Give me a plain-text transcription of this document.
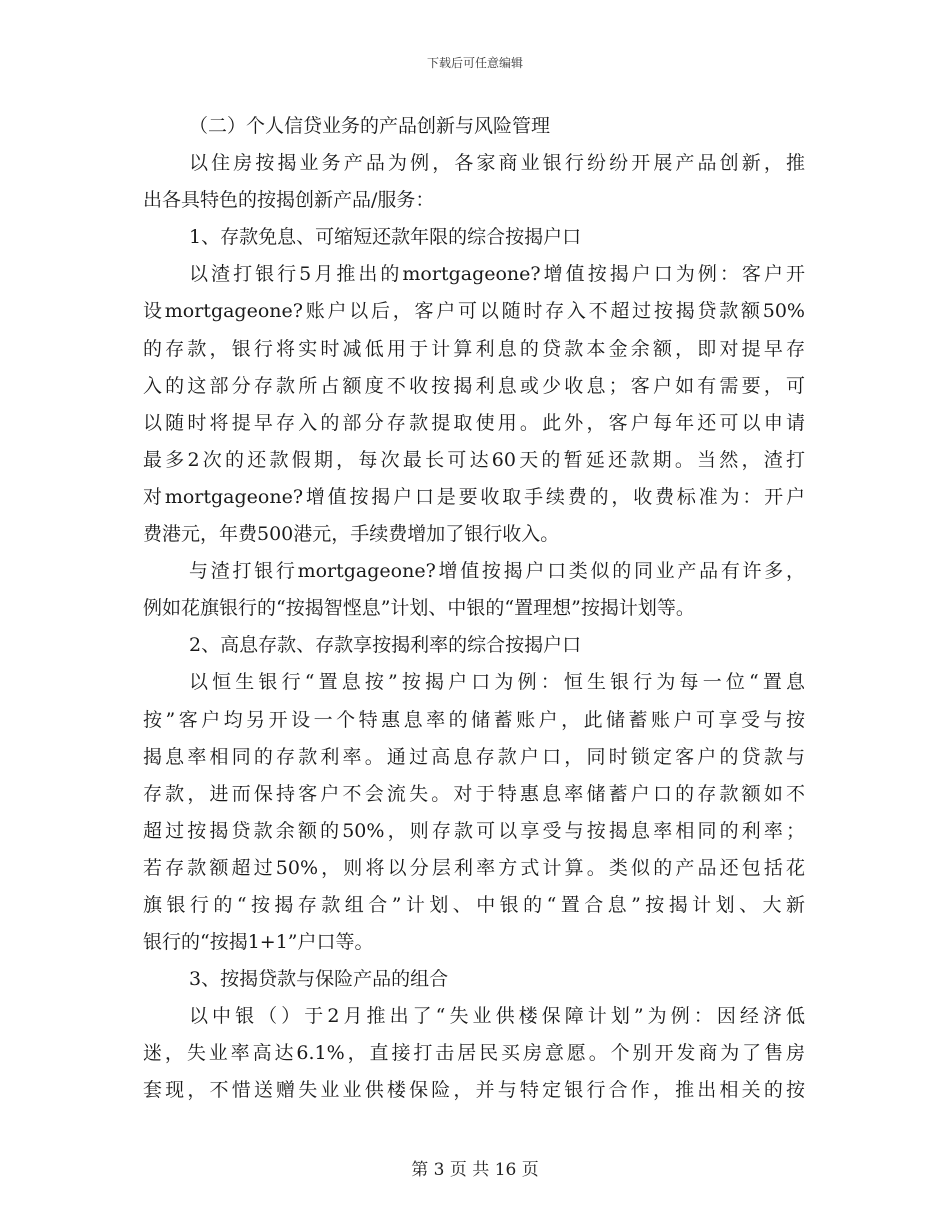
下载后可任意编辑
（二）个人信贷业务的产品创新与风险管理
以住房按揭业务产品为例，各家商业银行纷纷开展产品创新，推
出各具特色的按揭创新产品/服务：
1、存款免息、可缩短还款年限的综合按揭户口
以渣打银行5月推出的mortgageone?增值按揭户口为例：客户开
设mortgageone?账户以后，客户可以随时存入不超过按揭贷款额50%
的存款，银行将实时减低用于计算利息的贷款本金余额，即对提早存
入的这部分存款所占额度不收按揭利息或少收息；客户如有需要，可
以随时将提早存入的部分存款提取使用。此外，客户每年还可以申请
最多2次的还款假期，每次最长可达60天的暂延还款期。当然，渣打
对mortgageone?增值按揭户口是要收取手续费的，收费标准为：开户
费港元，年费500港元，手续费增加了银行收入。
与渣打银行mortgageone?增值按揭户口类似的同业产品有许多，
例如花旗银行的“按揭智悭息”计划、中银的“置理想”按揭计划等。
2、高息存款、存款享按揭利率的综合按揭户口
以恒生银行“置息按”按揭户口为例：恒生银行为每一位“置息
按”客户均另开设一个特惠息率的储蓄账户，此储蓄账户可享受与按
揭息率相同的存款利率。通过高息存款户口，同时锁定客户的贷款与
存款，进而保持客户不会流失。对于特惠息率储蓄户口的存款额如不
超过按揭贷款余额的50%，则存款可以享受与按揭息率相同的利率；
若存款额超过50%，则将以分层利率方式计算。类似的产品还包括花
旗银行的“按揭存款组合”计划、中银的“置合息”按揭计划、大新
银行的“按揭1+1”户口等。
3、按揭贷款与保险产品的组合
以中银（）于2月推出了“失业供楼保障计划”为例：因经济低
迷，失业率高达6.1%，直接打击居民买房意愿。个别开发商为了售房
套现，不惜送赠失业业供楼保险，并与特定银行合作，推出相关的按
第 3 页 共 16 页
